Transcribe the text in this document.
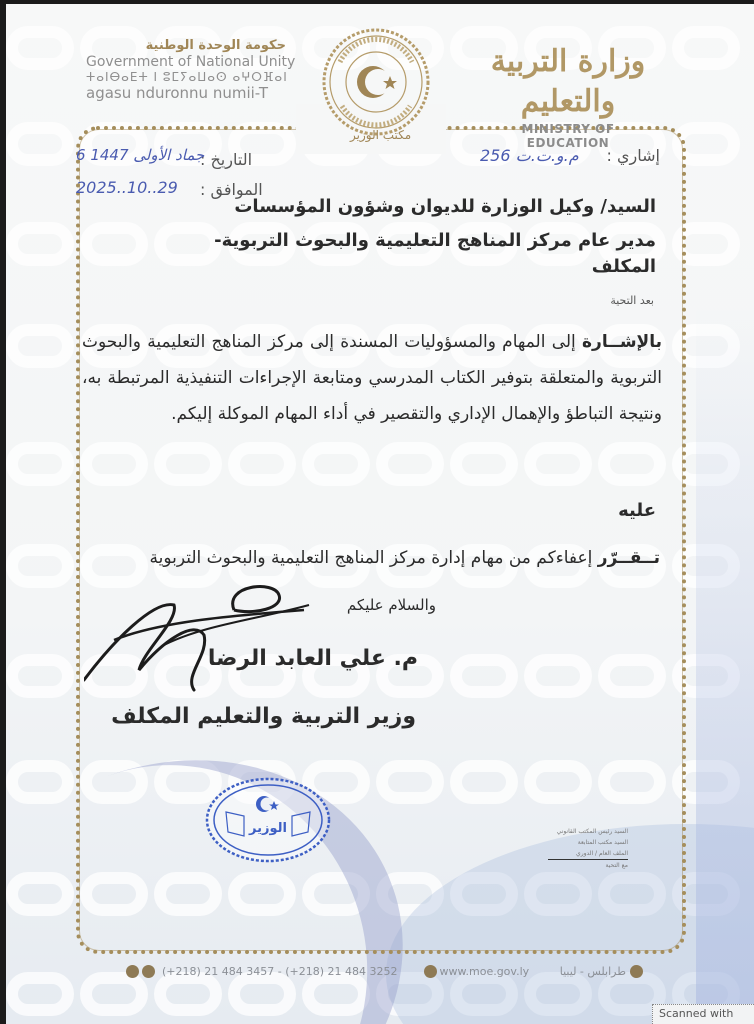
حكومة الوحدة الوطنية
Government of National Unity
ⵜⴰⵏⴱⴰⴹⵜ ⵏ ⵓⵎⵢⴰⵡⴰⵙ ⴰⵖⵔⴼⴰⵏ
agasu nduronnu numii-T
مكتب الوزير
وزارة التربية والتعليم
MINISTRY OF EDUCATION
إشاري :
م.و.ت.ت 256
التاريخ :
6 جماد الأولى 1447
الموافق :
2025..10..29
السيد/ وكيل الوزارة للديوان وشؤون المؤسسات
مدير عام مركز المناهج التعليمية والبحوث التربوية-
المكلف
بعد التحية
بالإشــارة إلى المهام والمسؤوليات المسندة إلى مركز المناهج التعليمية والبحوث التربوية والمتعلقة بتوفير الكتاب المدرسي ومتابعة الإجراءات التنفيذية المرتبطة به، ونتيجة التباطؤ والإهمال الإداري والتقصير في أداء المهام الموكلة إليكم.
عليه
تــقــرّر إعفاءكم من مهام إدارة مركز المناهج التعليمية والبحوث التربوية
والسلام عليكم
م. علي العابد الرضا
وزير التربية والتعليم المكلف
الوزير	السيد رئيس المكتب القانوني
السيد مكتب المتابعة
الملف العام / الدوري
مع التحية
(+218) 21 484 3457 - (+218) 21 484 3252	www.moe.gov.ly	طرابلس - ليبيا
Scanned with
